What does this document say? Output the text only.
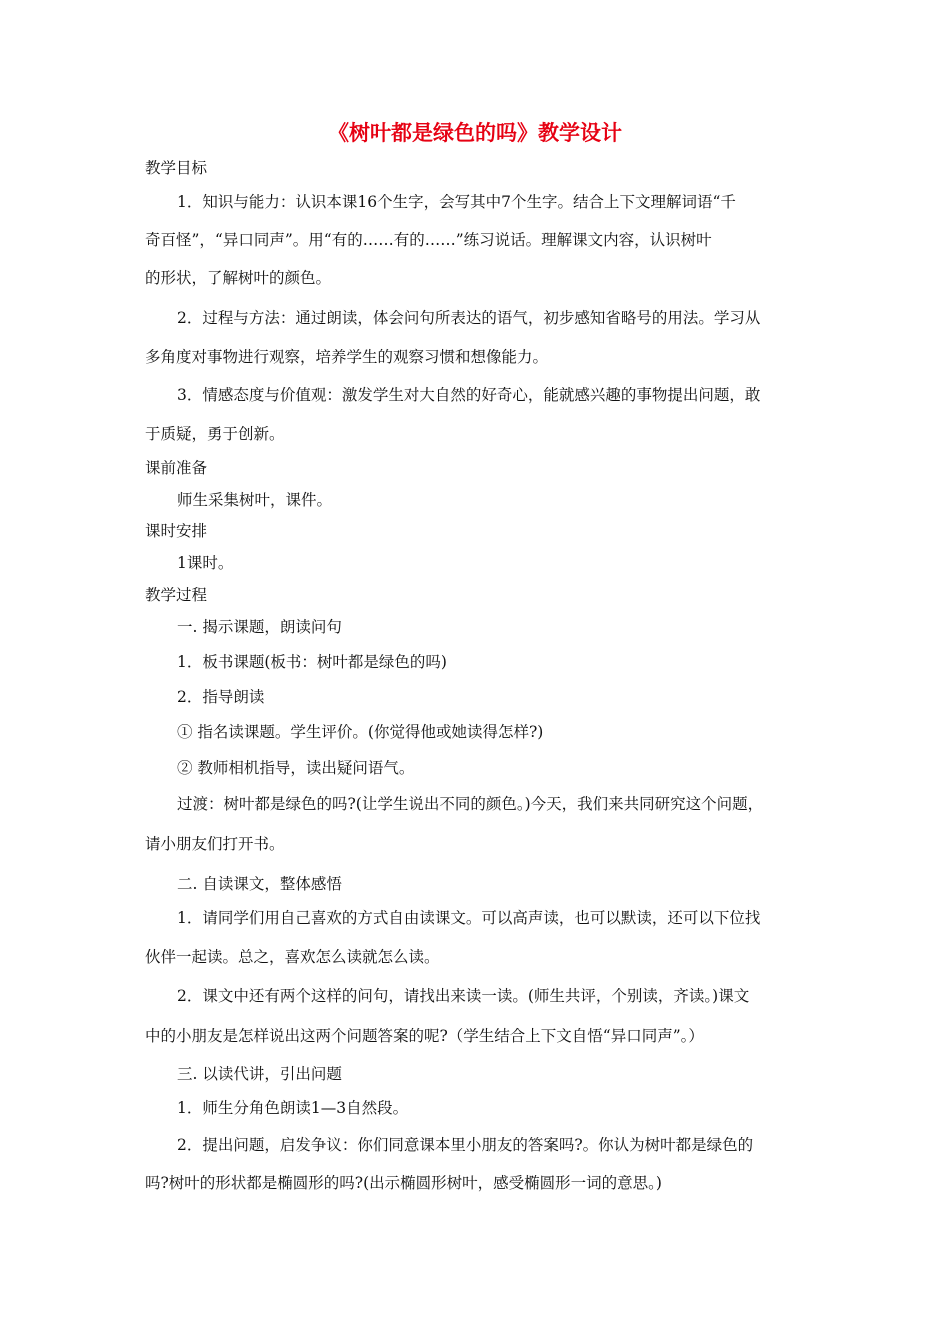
《树叶都是绿色的吗》教学设计

教学目标

1．知识与能力：认识本课16个生字，会写其中7个生字。结合上下文理解词语“千

奇百怪”，“异口同声”。用“有的……有的……”练习说话。理解课文内容，认识树叶

的形状，了解树叶的颜色。

2．过程与方法：通过朗读，体会问句所表达的语气，初步感知省略号的用法。学习从

多角度对事物进行观察，培养学生的观察习惯和想像能力。

3．情感态度与价值观：激发学生对大自然的好奇心，能就感兴趣的事物提出问题，敢

于质疑，勇于创新。

课前准备

师生采集树叶，课件。

课时安排

1课时。

教学过程

一. 揭示课题，朗读问句

1．板书课题(板书：树叶都是绿色的吗)

2．指导朗读

① 指名读课题。学生评价。(你觉得他或她读得怎样?)

② 教师相机指导，读出疑问语气。

过渡：树叶都是绿色的吗?(让学生说出不同的颜色。)今天，我们来共同研究这个问题，

请小朋友们打开书。

二. 自读课文，整体感悟

1．请同学们用自己喜欢的方式自由读课文。可以高声读，也可以默读，还可以下位找

伙伴一起读。总之，喜欢怎么读就怎么读。

2．课文中还有两个这样的问句，请找出来读一读。(师生共评，个别读，齐读。)课文

中的小朋友是怎样说出这两个问题答案的呢?（学生结合上下文自悟“异口同声”。）

三. 以读代讲，引出问题

1．师生分角色朗读1—3自然段。

2．提出问题，启发争议：你们同意课本里小朋友的答案吗?。你认为树叶都是绿色的

吗?树叶的形状都是椭圆形的吗?(出示椭圆形树叶，感受椭圆形一词的意思。)
